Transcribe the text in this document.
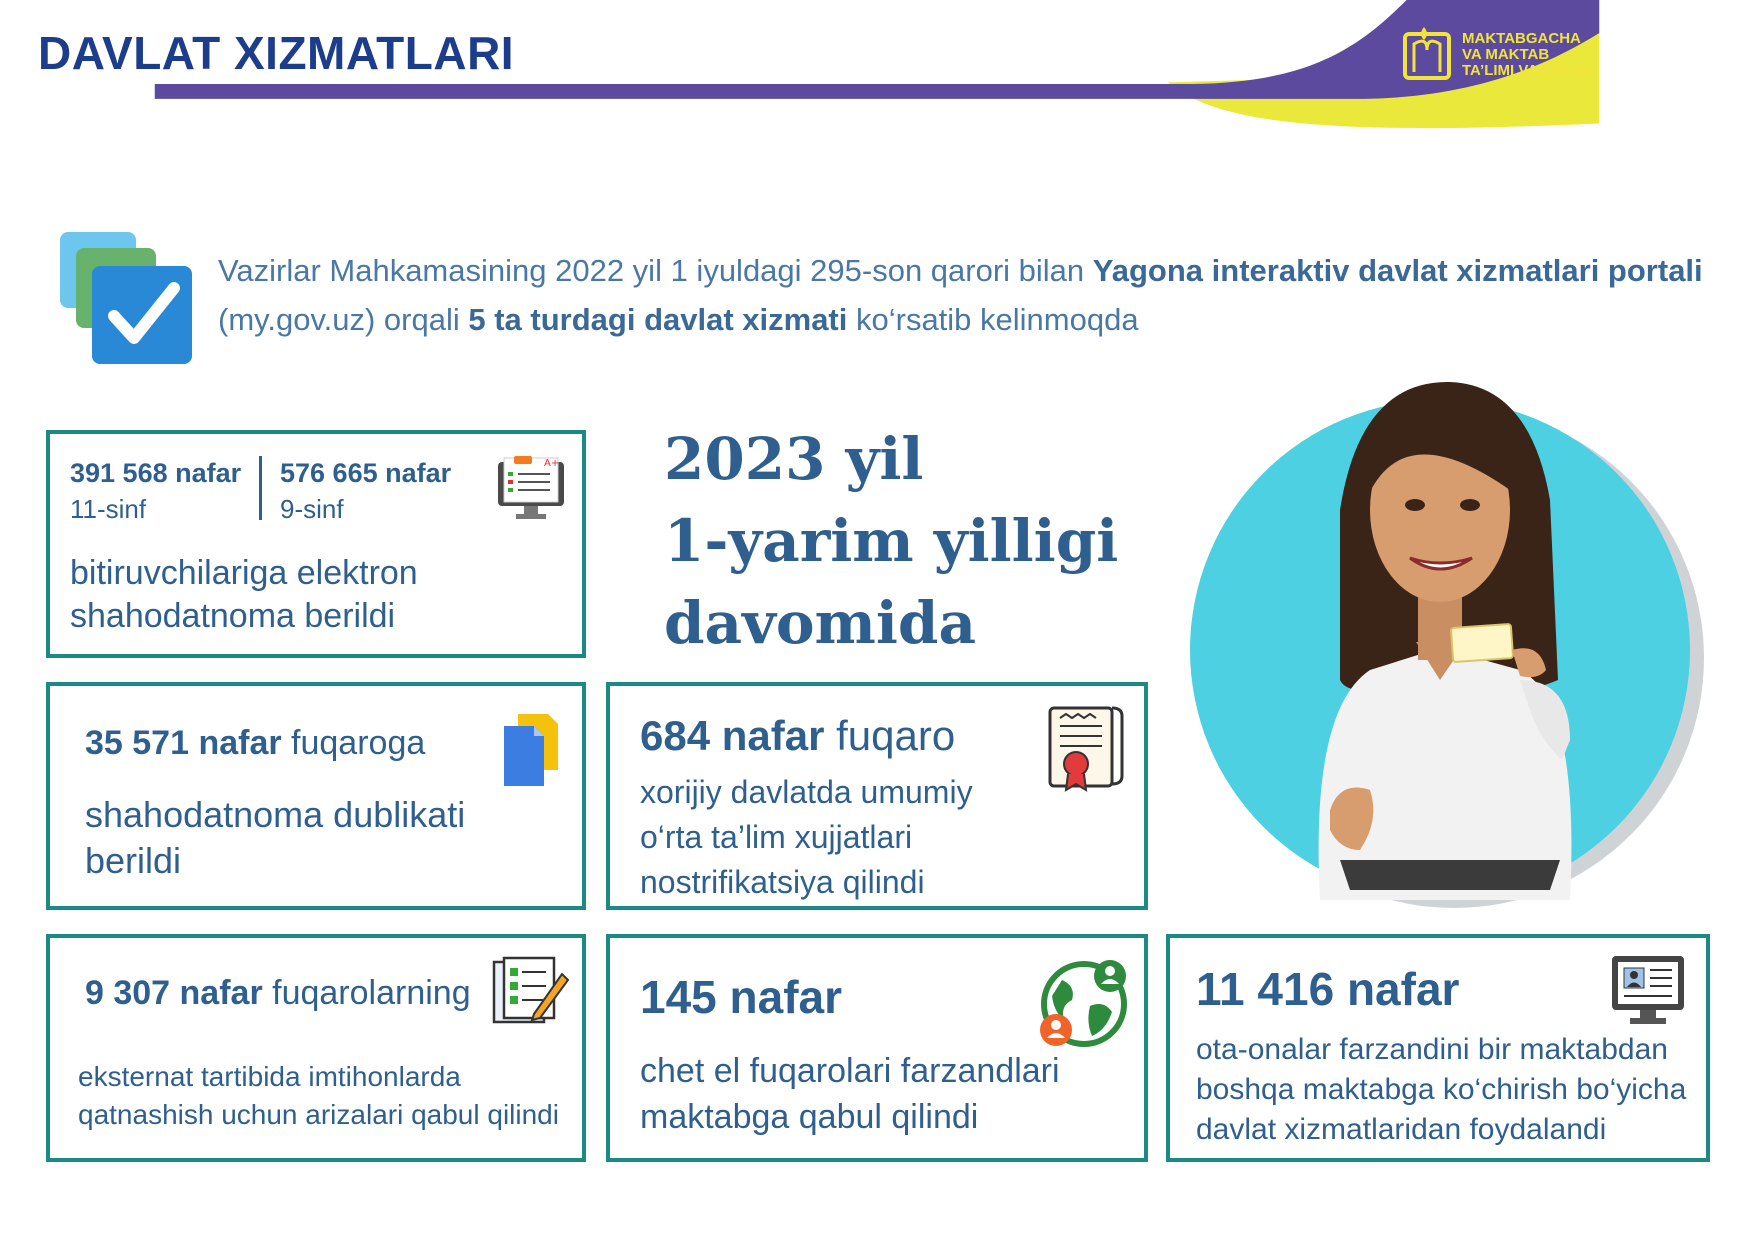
DAVLAT XIZMATLARI	MAKTABGACHA
VA MAKTAB
TA’LIMI VAZIRLIGI
Vazirlar Mahkamasining 2022 yil 1 iyuldagi 295-son qarori bilan Yagona interaktiv davlat xizmatlari portali (my.gov.uz) orqali 5 ta turdagi davlat xizmati ko‘rsatib kelinmoqda
2023 yil
1-yarim yilligi
davomida
391 568 nafar
11-sinf
576 665 nafar
9-sinf
bitiruvchilariga elektron
shahodatnoma berildi
A+
35 571 nafar fuqaroga
shahodatnoma dublikati
berildi
684 nafar fuqaro
xorijiy davlatda umumiy
o‘rta ta’lim xujjatlari
nostrifikatsiya qilindi
9 307 nafar fuqarolarning
eksternat tartibida imtihonlarda
qatnashish uchun arizalari qabul qilindi
145 nafar
chet el fuqarolari farzandlari
maktabga qabul qilindi
11 416 nafar
ota-onalar farzandini bir maktabdan
boshqa maktabga ko‘chirish bo‘yicha
davlat xizmatlaridan foydalandi
